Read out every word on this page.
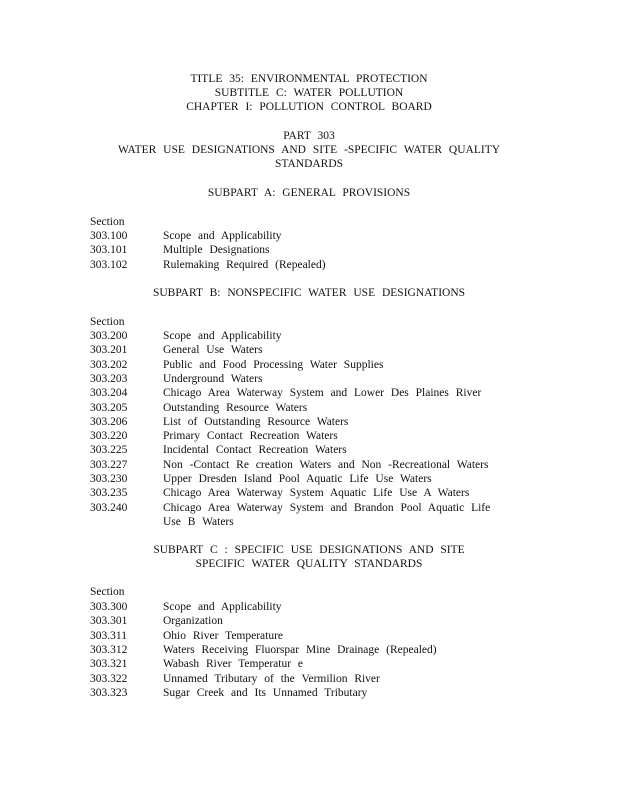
TITLE 35: ENVIRONMENTAL PROTECTION
SUBTITLE C: WATER POLLUTION
CHAPTER I: POLLUTION CONTROL BOARD
PART 303
WATER USE DESIGNATIONS AND SITE -SPECIFIC WATER QUALITY
STANDARDS
SUBPART A: GENERAL PROVISIONS
Section
303.100	Scope and Applicability
303.101	Multiple Designations
303.102	Rulemaking Required (Repealed)
SUBPART B: NONSPECIFIC WATER USE DESIGNATIONS
Section
303.200	Scope and Applicability
303.201	General Use Waters
303.202	Public and Food Processing Water Supplies
303.203	Underground Waters
303.204	Chicago Area Waterway System and Lower Des Plaines River
303.205	Outstanding Resource Waters
303.206	List of Outstanding Resource Waters
303.220	Primary Contact Recreation Waters
303.225	Incidental Contact Recreation Waters
303.227	Non -Contact Re creation Waters and Non -Recreational Waters
303.230	Upper Dresden Island Pool Aquatic Life Use Waters
303.235	Chicago Area Waterway System Aquatic Life Use A Waters
303.240	Chicago Area Waterway System and Brandon Pool Aquatic Life Use B Waters
SUBPART C : SPECIFIC USE DESIGNATIONS AND SITE
SPECIFIC WATER QUALITY STANDARDS
Section
303.300	Scope and Applicability
303.301	Organization
303.311	Ohio River Temperature
303.312	Waters Receiving Fluorspar Mine Drainage (Repealed)
303.321	Wabash River Temperatur e
303.322	Unnamed Tributary of the Vermilion River
303.323	Sugar Creek and Its Unnamed Tributary
